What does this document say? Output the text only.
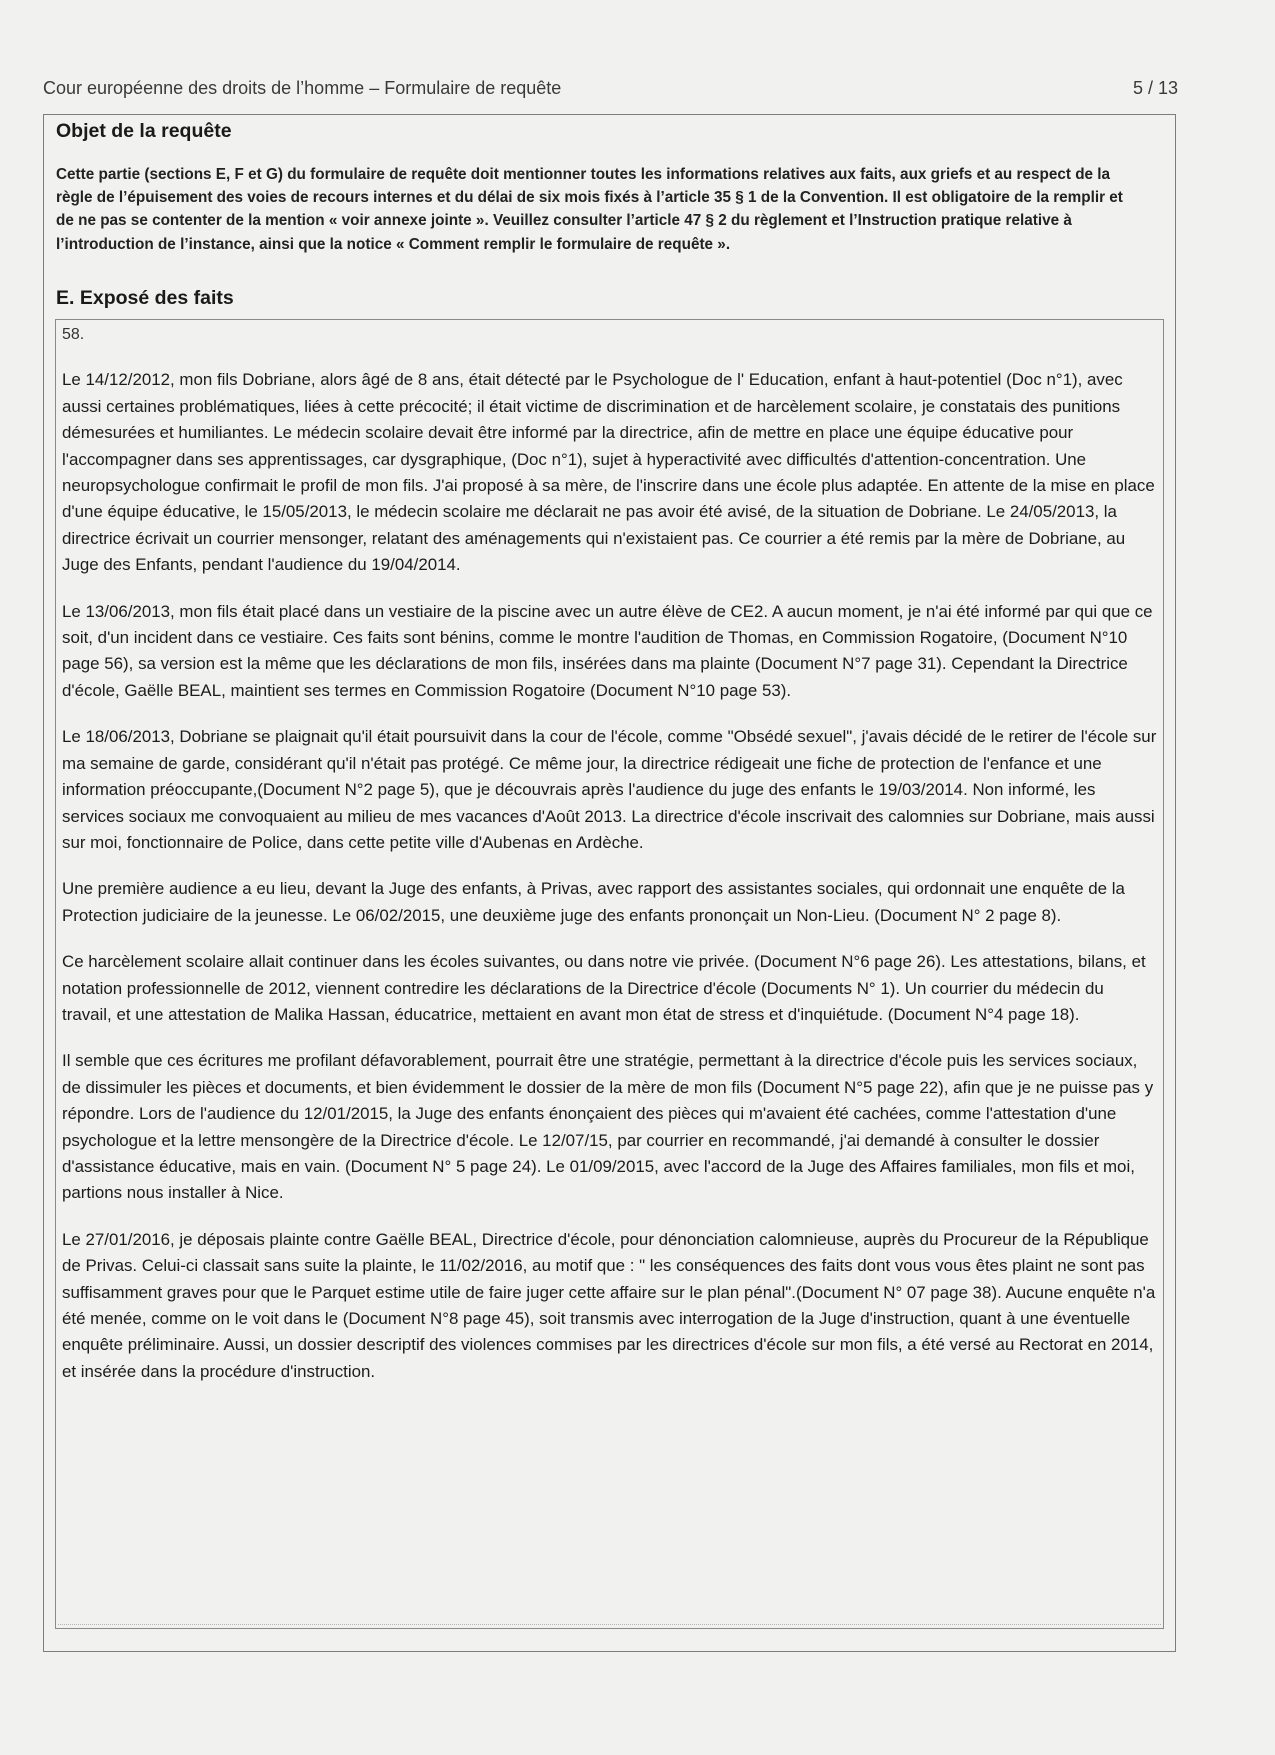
Cour européenne des droits de l’homme – Formulaire de requête	5 / 13
Objet de la requête
Cette partie (sections E, F et G) du formulaire de requête doit mentionner toutes les informations relatives aux faits, aux griefs et au respect de la règle de l’épuisement des voies de recours internes et du délai de six mois fixés à l’article 35 § 1 de la Convention. Il est obligatoire de la remplir et de ne pas se contenter de la mention « voir annexe jointe ». Veuillez consulter l’article 47 § 2 du règlement et l’Instruction pratique relative à l’introduction de l’instance, ainsi que la notice « Comment remplir le formulaire de requête ».
E. Exposé des faits

58.

Le 14/12/2012, mon fils Dobriane, alors âgé de 8 ans, était détecté par le Psychologue de l' Education, enfant à haut-potentiel (Doc n°1), avec aussi certaines problématiques, liées à cette précocité; il était victime de discrimination et de harcèlement scolaire, je constatais des punitions démesurées et humiliantes. Le médecin scolaire devait être informé par la directrice, afin de mettre en place une équipe éducative pour l'accompagner dans ses apprentissages, car dysgraphique, (Doc n°1), sujet à hyperactivité avec difficultés d'attention-concentration. Une neuropsychologue confirmait le profil de mon fils. J'ai proposé à sa mère, de l'inscrire dans une école plus adaptée. En attente de la mise en place d'une équipe éducative, le 15/05/2013, le médecin scolaire me déclarait ne pas avoir été avisé, de la situation de Dobriane. Le 24/05/2013, la directrice écrivait un courrier mensonger, relatant des aménagements qui n'existaient pas. Ce courrier a été remis par la mère de Dobriane, au Juge des Enfants, pendant l'audience du 19/04/2014.

Le 13/06/2013, mon fils était placé dans un vestiaire de la piscine avec un autre élève de CE2. A aucun moment, je n'ai été informé par qui que ce soit, d'un incident dans ce vestiaire. Ces faits sont bénins, comme le montre l'audition de Thomas, en Commission Rogatoire, (Document N°10 page 56), sa version est la même que les déclarations de mon fils, insérées dans ma plainte (Document N°7 page 31). Cependant la Directrice d'école, Gaëlle BEAL, maintient ses termes en Commission Rogatoire (Document N°10 page 53).

Le 18/06/2013, Dobriane se plaignait qu'il était poursuivit dans la cour de l'école, comme "Obsédé sexuel", j'avais décidé de le retirer de l'école sur ma semaine de garde, considérant qu'il n'était pas protégé. Ce même jour, la directrice rédigeait une fiche de protection de l'enfance et une information préoccupante,(Document N°2 page 5), que je découvrais après l'audience du juge des enfants le 19/03/2014. Non informé, les services sociaux me convoquaient au milieu de mes vacances d'Août 2013. La directrice d'école inscrivait des calomnies sur Dobriane, mais aussi sur moi, fonctionnaire de Police, dans cette petite ville d'Aubenas en Ardèche.

Une première audience a eu lieu, devant la Juge des enfants, à Privas, avec rapport des assistantes sociales, qui ordonnait une enquête de la Protection judiciaire de la jeunesse. Le 06/02/2015, une deuxième juge des enfants prononçait un Non-Lieu. (Document N° 2 page 8).

Ce harcèlement scolaire allait continuer dans les écoles suivantes, ou dans notre vie privée. (Document N°6 page 26). Les attestations, bilans, et notation professionnelle de 2012, viennent contredire les déclarations de la Directrice d'école (Documents N° 1). Un courrier du médecin du travail, et une attestation de Malika Hassan, éducatrice, mettaient en avant mon état de stress et d'inquiétude. (Document N°4 page 18).

Il semble que ces écritures me profilant défavorablement, pourrait être une stratégie, permettant à la directrice d'école puis les services sociaux, de dissimuler les pièces et documents, et bien évidemment le dossier de la mère de mon fils (Document N°5 page 22), afin que je ne puisse pas y répondre. Lors de l'audience du 12/01/2015, la Juge des enfants énonçaient des pièces qui m'avaient été cachées, comme l'attestation d'une psychologue et la lettre mensongère de la Directrice d'école. Le 12/07/15, par courrier en recommandé, j'ai demandé à consulter le dossier d'assistance éducative, mais en vain. (Document N° 5 page 24). Le 01/09/2015, avec l'accord de la Juge des Affaires familiales, mon fils et moi, partions nous installer à Nice.

Le 27/01/2016, je déposais plainte contre Gaëlle BEAL, Directrice d'école, pour dénonciation calomnieuse, auprès du Procureur de la République de Privas. Celui-ci classait sans suite la plainte, le 11/02/2016, au motif que : " les conséquences des faits dont vous vous êtes plaint ne sont pas suffisamment graves pour que le Parquet estime utile de faire juger cette affaire sur le plan pénal".(Document N° 07 page 38). Aucune enquête n'a été menée, comme on le voit dans le (Document N°8 page 45), soit transmis avec interrogation de la Juge d'instruction, quant à une éventuelle enquête préliminaire. Aussi, un dossier descriptif des violences commises par les directrices d'école sur mon fils, a été versé au Rectorat en 2014, et insérée dans la procédure d'instruction.
